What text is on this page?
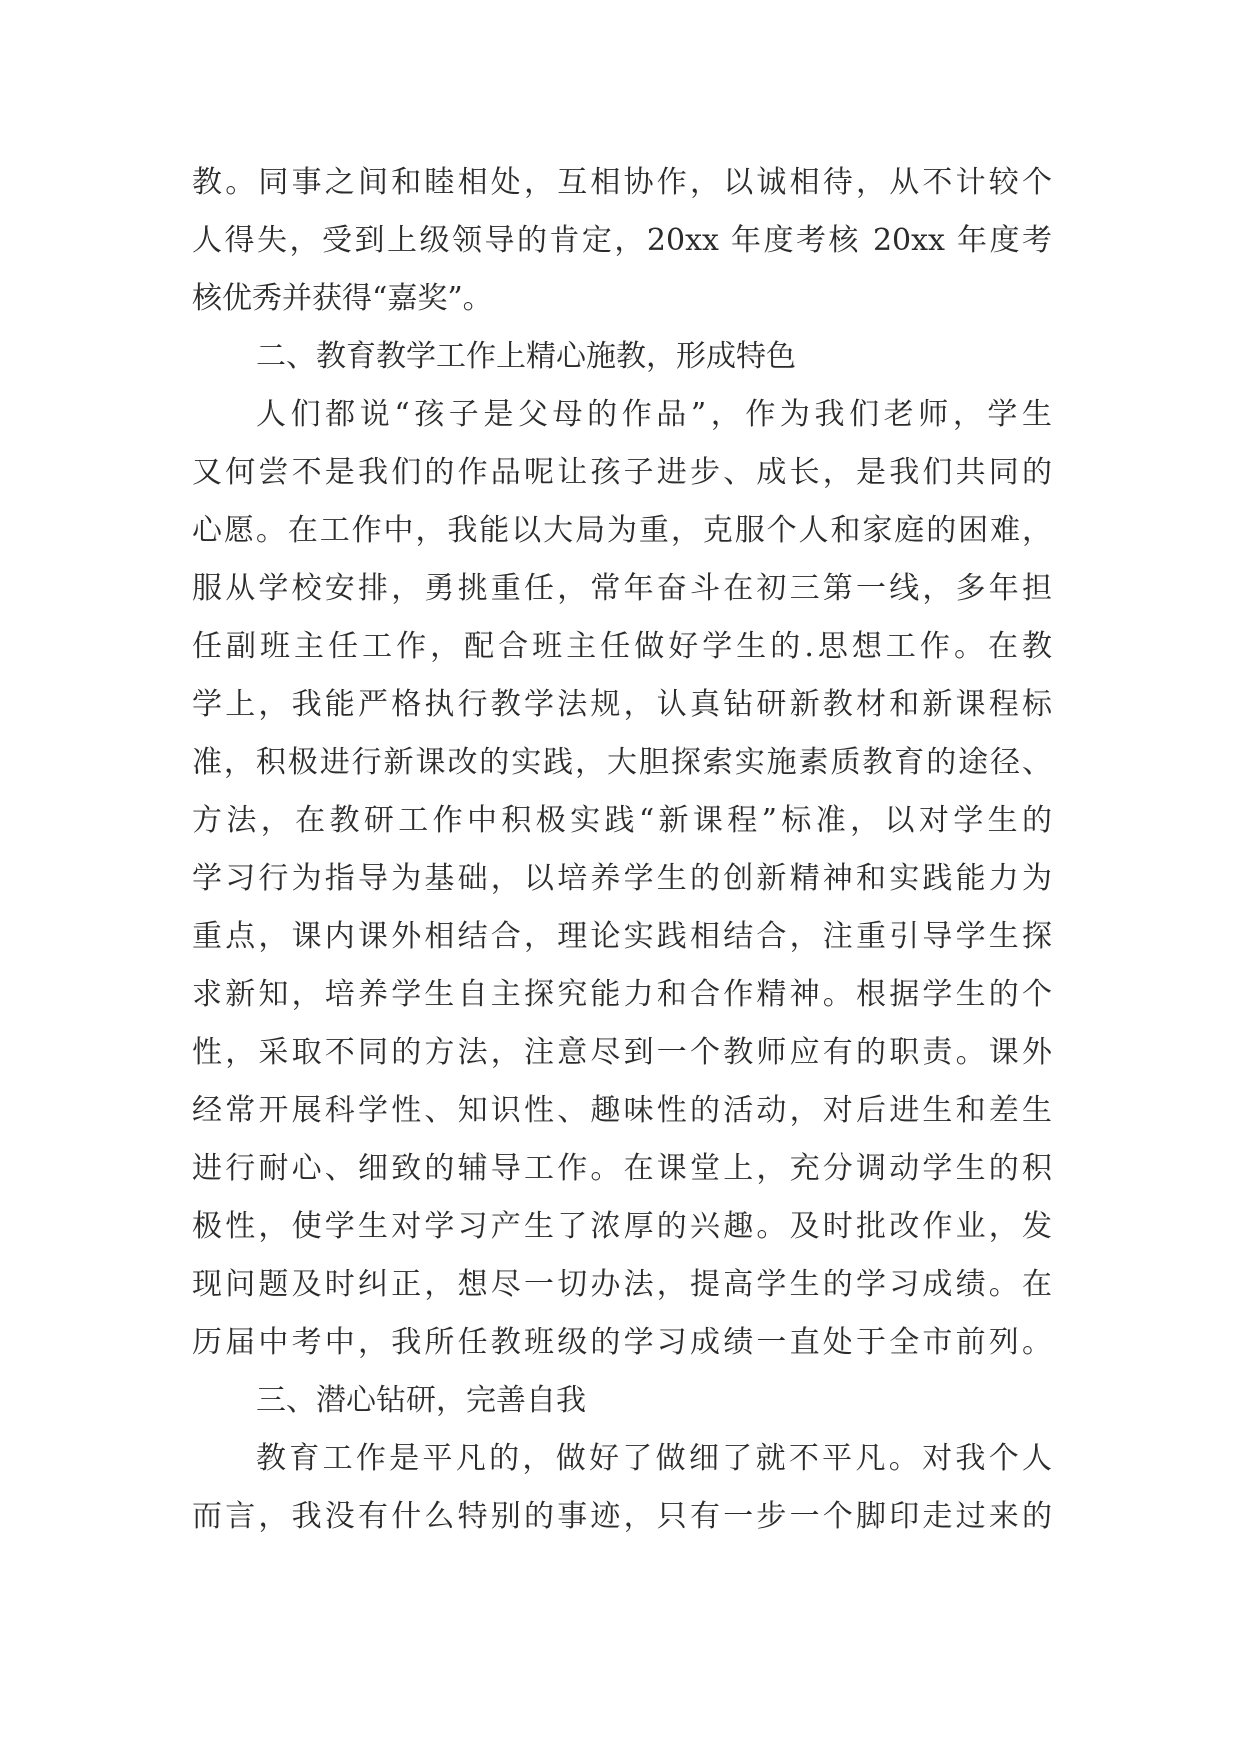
教。同事之间和睦相处，互相协作，以诚相待，从不计较个
人得失，受到上级领导的肯定，20xx 年度考核 20xx 年度考
核优秀并获得“嘉奖”。
二、教育教学工作上精心施教，形成特色
人们都说“孩子是父母的作品”，作为我们老师，学生
又何尝不是我们的作品呢让孩子进步、成长，是我们共同的
心愿。在工作中，我能以大局为重，克服个人和家庭的困难，
服从学校安排，勇挑重任，常年奋斗在初三第一线，多年担
任副班主任工作，配合班主任做好学生的.思想工作。在教
学上，我能严格执行教学法规，认真钻研新教材和新课程标
准，积极进行新课改的实践，大胆探索实施素质教育的途径、
方法，在教研工作中积极实践“新课程”标准，以对学生的
学习行为指导为基础，以培养学生的创新精神和实践能力为
重点，课内课外相结合，理论实践相结合，注重引导学生探
求新知，培养学生自主探究能力和合作精神。根据学生的个
性，采取不同的方法，注意尽到一个教师应有的职责。课外
经常开展科学性、知识性、趣味性的活动，对后进生和差生
进行耐心、细致的辅导工作。在课堂上，充分调动学生的积
极性，使学生对学习产生了浓厚的兴趣。及时批改作业，发
现问题及时纠正，想尽一切办法，提高学生的学习成绩。在
历届中考中，我所任教班级的学习成绩一直处于全市前列。
三、潜心钻研，完善自我
教育工作是平凡的，做好了做细了就不平凡。对我个人
而言，我没有什么特别的事迹，只有一步一个脚印走过来的
